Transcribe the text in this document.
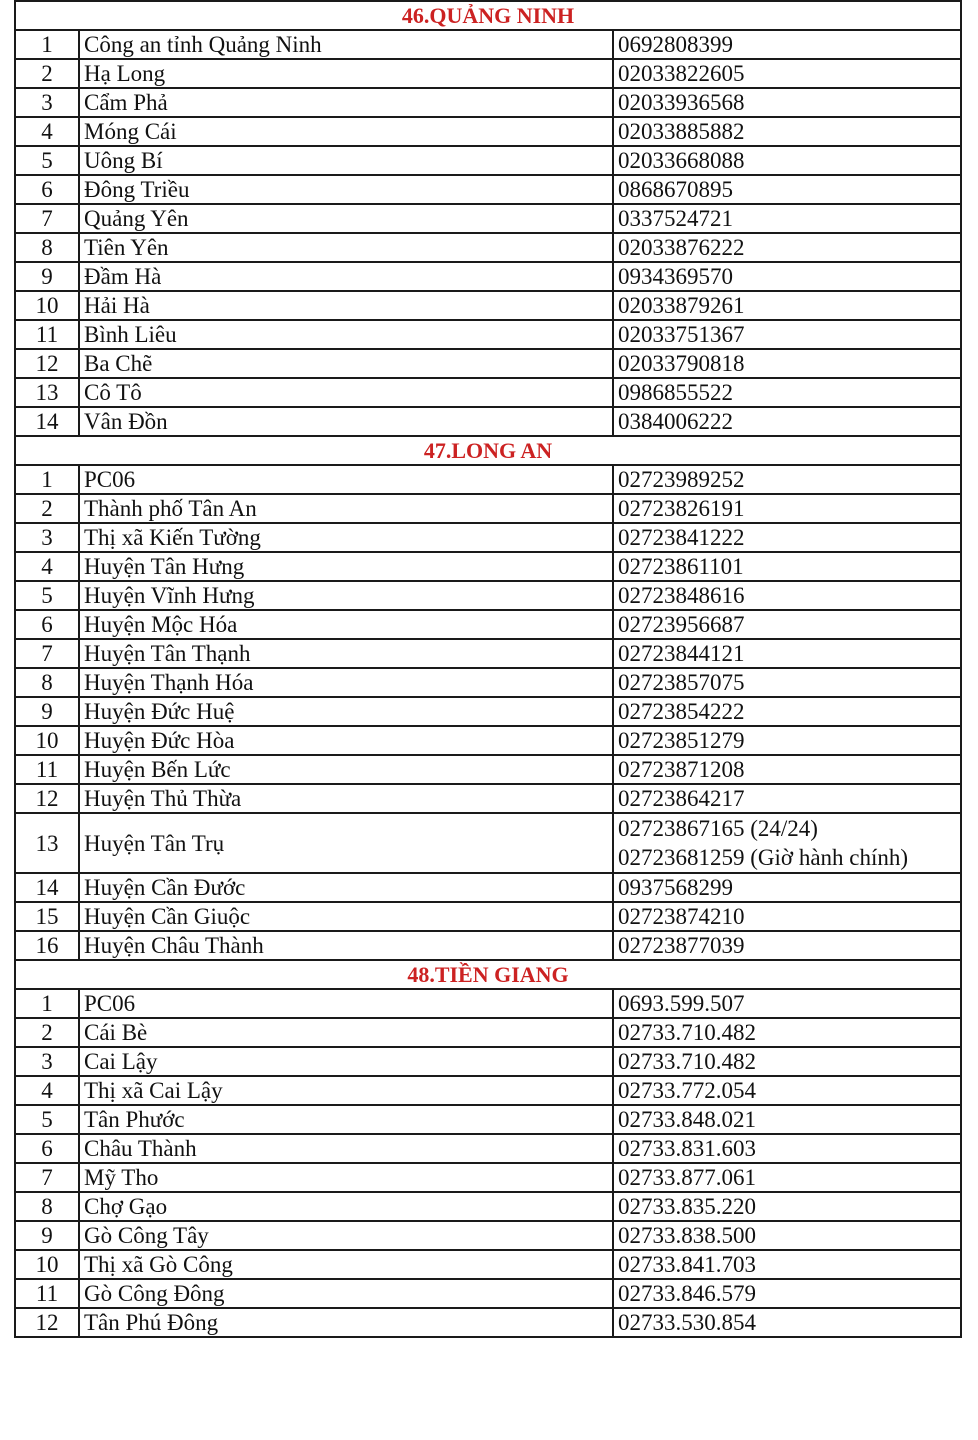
46.QUẢNG NINH		
1	Công an tỉnh Quảng Ninh	0692808399

2	Hạ Long	02033822605

3	Cẩm Phả	02033936568

4	Móng Cái	02033885882

5	Uông Bí	02033668088

6	Đông Triều	0868670895

7	Quảng Yên	0337524721

8	Tiên Yên	02033876222

9	Đầm Hà	0934369570

10	Hải Hà	02033879261

11	Bình Liêu	02033751367

12	Ba Chẽ	02033790818

13	Cô Tô	0986855522

14	Vân Đồn	0384006222

47.LONG AN		
1	PC06	02723989252

2	Thành phố Tân An	02723826191

3	Thị xã Kiến Tường	02723841222

4	Huyện Tân Hưng	02723861101

5	Huyện Vĩnh Hưng	02723848616

6	Huyện Mộc Hóa	02723956687

7	Huyện Tân Thạnh	02723844121

8	Huyện Thạnh Hóa	02723857075

9	Huyện Đức Huệ	02723854222

10	Huyện Đức Hòa	02723851279

11	Huyện Bến Lức	02723871208

12	Huyện Thủ Thừa	02723864217

13	Huyện Tân Trụ	02723867165 (24/24)
02723681259 (Giờ hành chính)

14	Huyện Cần Đước	0937568299

15	Huyện Cần Giuộc	02723874210

16	Huyện Châu Thành	02723877039

48.TIỀN GIANG		
1	PC06	0693.599.507

2	Cái Bè	02733.710.482

3	Cai Lậy	02733.710.482

4	Thị xã Cai Lậy	02733.772.054

5	Tân Phước	02733.848.021

6	Châu Thành	02733.831.603

7	Mỹ Tho	02733.877.061

8	Chợ Gạo	02733.835.220

9	Gò Công Tây	02733.838.500

10	Thị xã Gò Công	02733.841.703

11	Gò Công Đông	02733.846.579

12	Tân Phú Đông	02733.530.854
